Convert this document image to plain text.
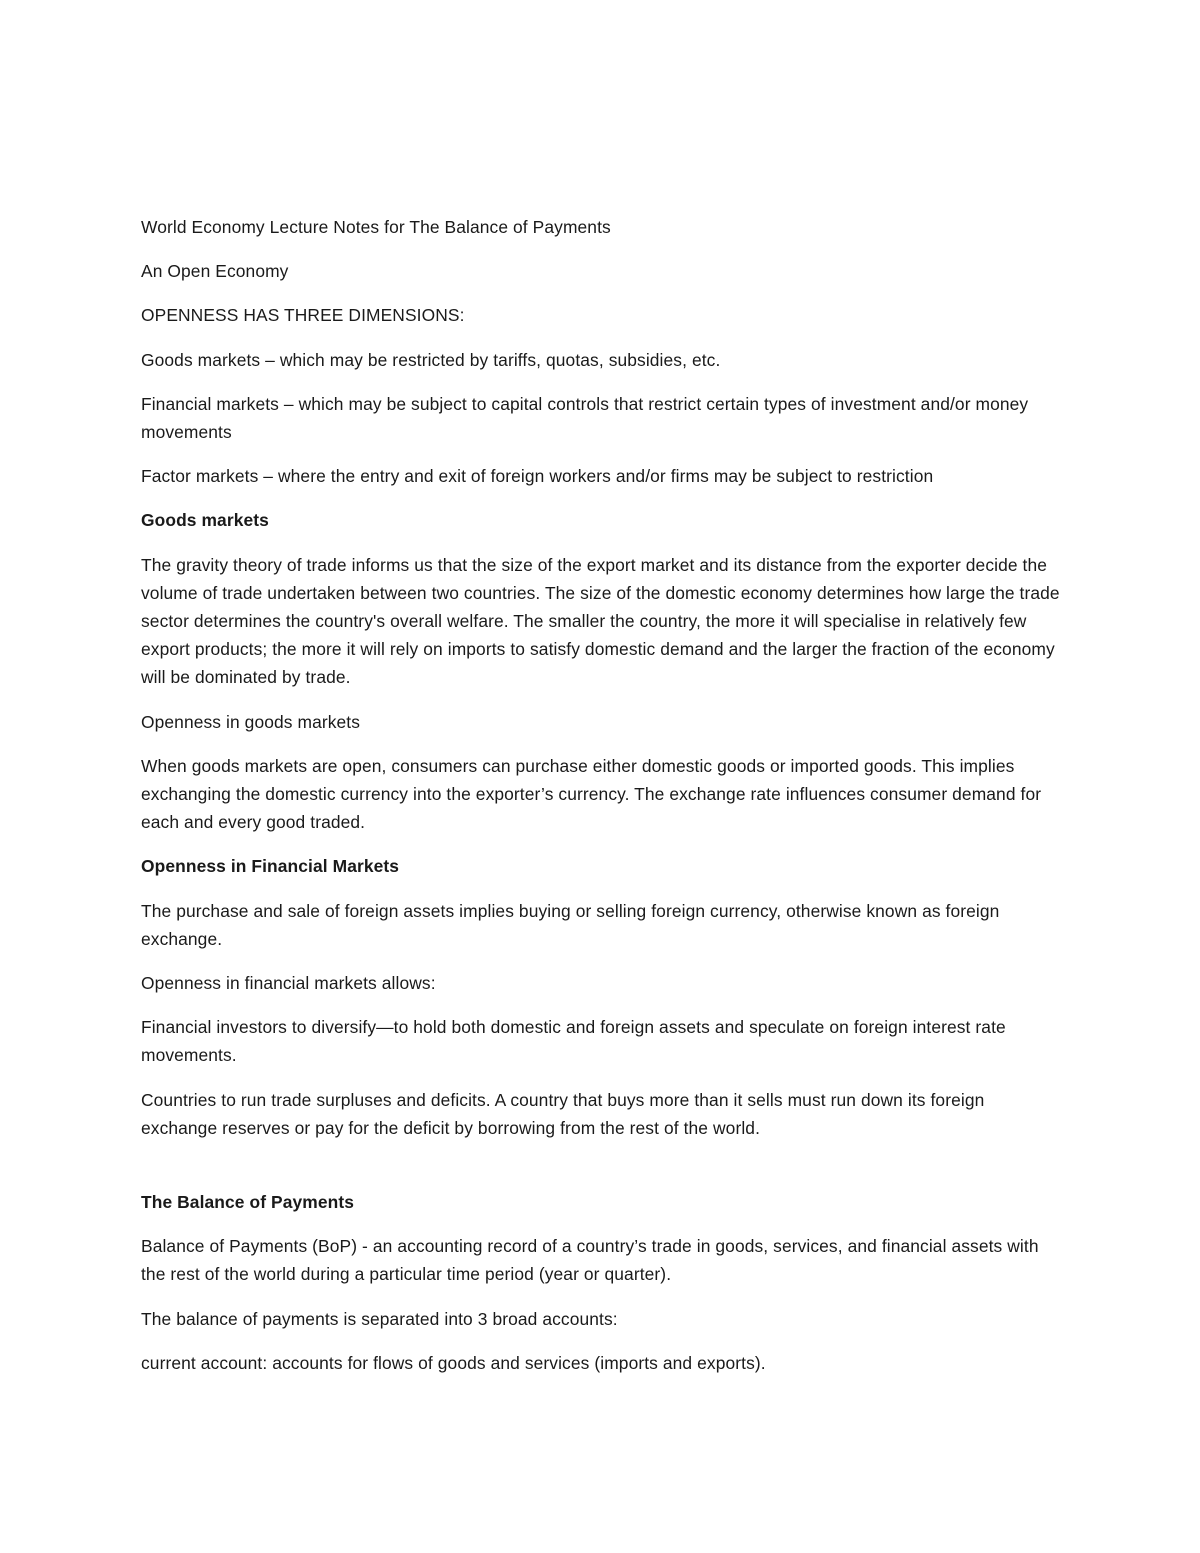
World Economy Lecture Notes for The Balance of Payments

An Open Economy

OPENNESS HAS THREE DIMENSIONS:

Goods markets – which may be restricted by tariffs, quotas, subsidies, etc.

Financial markets – which may be subject to capital controls that restrict certain types of investment and/or money movements

Factor markets – where the entry and exit of foreign workers and/or firms may be subject to restriction

Goods markets

The gravity theory of trade informs us that the size of the export market and its distance from the exporter decide the volume of trade undertaken between two countries. The size of the domestic economy determines how large the trade sector determines the country's overall welfare. The smaller the country, the more it will specialise in relatively few export products; the more it will rely on imports to satisfy domestic demand and the larger the fraction of the economy will be dominated by trade.

Openness in goods markets

When goods markets are open, consumers can purchase either domestic goods or imported goods. This implies exchanging the domestic currency into the exporter’s currency. The exchange rate influences consumer demand for each and every good traded.

Openness in Financial Markets

The purchase and sale of foreign assets implies buying or selling foreign currency, otherwise known as foreign exchange.

Openness in financial markets allows:

Financial investors to diversify—to hold both domestic and foreign assets and speculate on foreign interest rate movements.

Countries to run trade surpluses and deficits. A country that buys more than it sells must run down its foreign exchange reserves or pay for the deficit by borrowing from the rest of the world.

The Balance of Payments

Balance of Payments (BoP) - an accounting record of a country’s trade in goods, services, and financial assets with the rest of the world during a particular time period (year or quarter).

The balance of payments is separated into 3 broad accounts:

current account: accounts for flows of goods and services (imports and exports).
